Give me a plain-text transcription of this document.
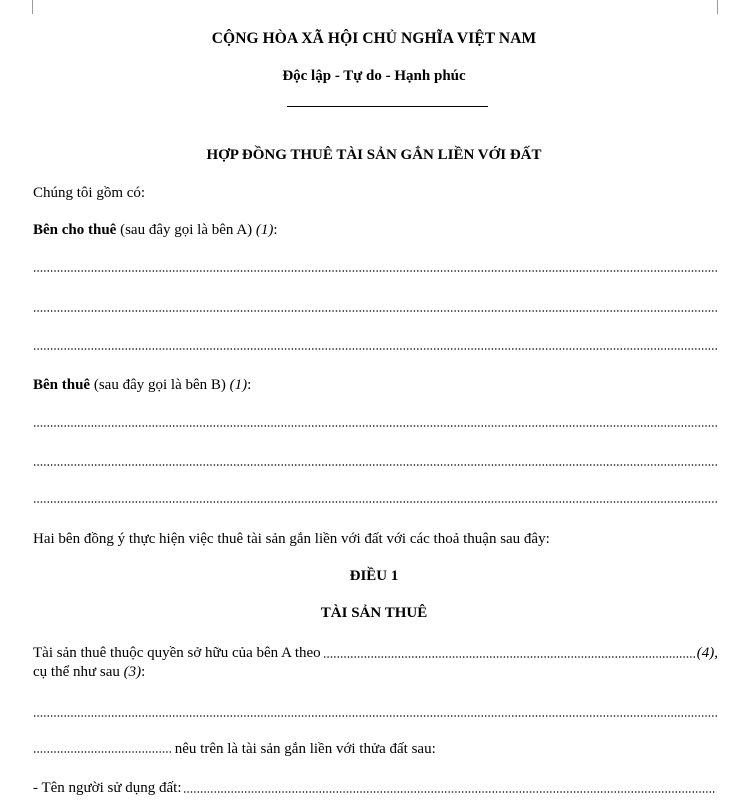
CỘNG HÒA XÃ HỘI CHỦ NGHĨA VIỆT NAM
Độc lập - Tự do - Hạnh phúc
HỢP ĐỒNG THUÊ TÀI SẢN GẮN LIỀN VỚI ĐẤT
Chúng tôi gồm có:
Bên cho thuê (sau đây gọi là bên A) (1):
Bên thuê (sau đây gọi là bên B) (1):
Hai bên đồng ý thực hiện việc thuê tài sản gắn liền với đất với các thoả thuận sau đây:
ĐIỀU 1
TÀI SẢN THUÊ
Tài sản thuê thuộc quyền sở hữu của bên A theo	(4) ,
cụ thể như sau (3):
nêu trên là tài sản gắn liền với thửa đất sau:
- Tên người sử dụng đất:
